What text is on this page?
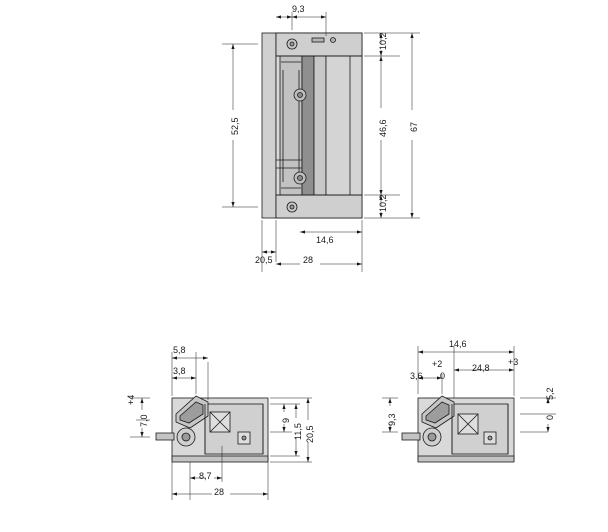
9,3
52,5
10,2
46,6
10,2
67
14,6
20,5	28
5,8
3,8
+4
7,0	9
11,5 20,5
8,7
28
14,6
+2	+3
3,6 0
24,8
5,2
0
9,3
